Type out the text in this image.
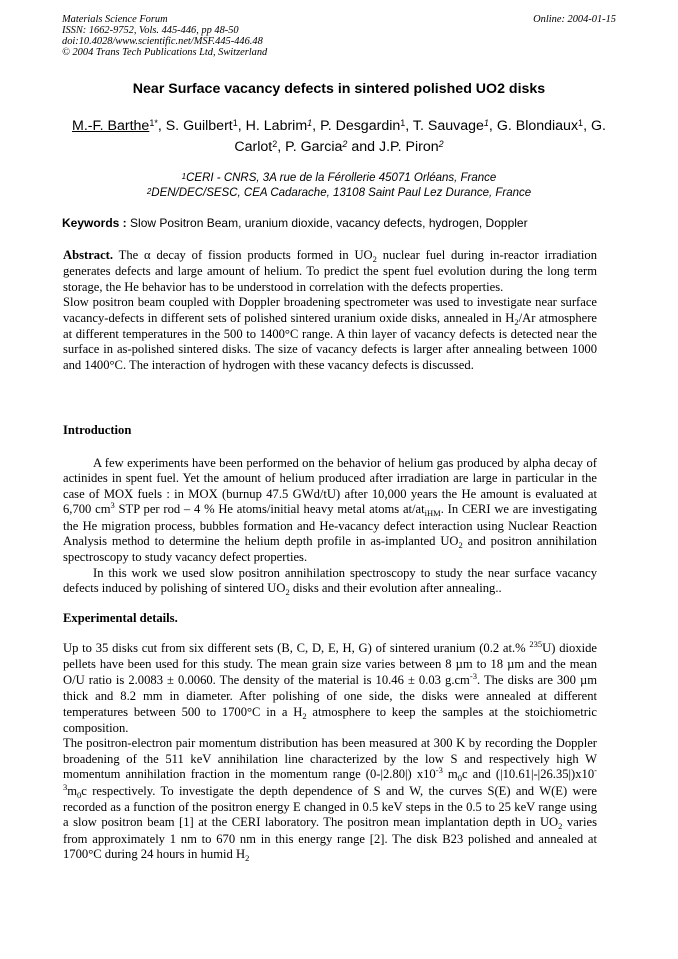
Materials Science Forum
ISSN: 1662-9752, Vols. 445-446, pp 48-50
doi:10.4028/www.scientific.net/MSF.445-446.48
© 2004 Trans Tech Publications Ltd, Switzerland
Online: 2004-01-15
Near Surface vacancy defects in sintered polished UO2 disks
M.-F. Barthe$^{1*}$, S. Guilbert$^1$, H. Labrim$^1$, P. Desgardin$^1$, T. Sauvage$^1$, G. Blondiaux$^1$, G. Carlot$^2$, P. Garcia$^2$ and J.P. Piron$^2$
$^1$CERI - CNRS, 3A rue de la Férollerie 45071 Orléans, France
$^2$DEN/DEC/SESC, CEA Cadarache, 13108 Saint Paul Lez Durance, France
Keywords : Slow Positron Beam, uranium dioxide, vacancy defects, hydrogen, Doppler

Abstract. The α decay of fission products formed in $UO_2$ nuclear fuel during in-reactor irradiation generates defects and large amount of helium. To predict the spent fuel evolution during the long term storage, the He behavior has to be understood in correlation with the defects properties.

Slow positron beam coupled with Doppler broadening spectrometer was used to investigate near surface vacancy-defects in different sets of polished sintered uranium oxide disks, annealed in $H_2/Ar$ atmosphere at different temperatures in the 500 to 1400°C range. A thin layer of vacancy defects is detected near the surface in as-polished sintered disks. The size of vacancy defects is larger after annealing between 1000 and 1400°C. The interaction of hydrogen with these vacancy defects is discussed.

Introduction

A few experiments have been performed on the behavior of helium gas produced by alpha decay of actinides in spent fuel. Yet the amount of helium produced after irradiation are large in particular in the case of MOX fuels : in MOX (burnup 47.5 GWd/tU) after 10,000 years the He amount is evaluated at 6,700 $cm^3$ STP per rod – 4 % He atoms/initial heavy metal atoms $at/at_{iHM}$. In CERI we are investigating the He migration process, bubbles formation and He-vacancy defect interaction using Nuclear Reaction Analysis method to determine the helium depth profile in as-implanted $UO_2$ and positron annihilation spectroscopy to study vacancy defect properties.

In this work we used slow positron annihilation spectroscopy to study the near surface vacancy defects induced by polishing of sintered $UO_2$ disks and their evolution after annealing..

Experimental details.

Up to 35 disks cut from six different sets (B, C, D, E, H, G) of sintered uranium (0.2 at.% $^{235}$U) dioxide pellets have been used for this study. The mean grain size varies between 8 µm to 18 µm and the mean O/U ratio is 2.0083 ± 0.0060. The density of the material is 10.46 ± 0.03 $g.cm^{-3}$. The disks are 300 µm thick and 8.2 mm in diameter. After polishing of one side, the disks were annealed at different temperatures between 500 to 1700°C in a $H_2$ atmosphere to keep the samples at the stoichiometric composition.

The positron-electron pair momentum distribution has been measured at 300 K by recording the Doppler broadening of the 511 keV annihilation line characterized by the low S and respectively high W momentum annihilation fraction in the momentum range (0-|2.80|) $x10^{-3}$ $m_0c$ and $(|10.61|-|26.35|)x10^{-3}m_0c$ respectively. To investigate the depth dependence of S and W, the curves S(E) and W(E) were recorded as a function of the positron energy E changed in 0.5 keV steps in the 0.5 to 25 keV range using a slow positron beam [1] at the CERI laboratory. The positron mean implantation depth in $UO_2$ varies from approximately 1 nm to 670 nm in this energy range [2]. The disk B23 polished and annealed at 1700°C during 24 hours in humid $H_2$
